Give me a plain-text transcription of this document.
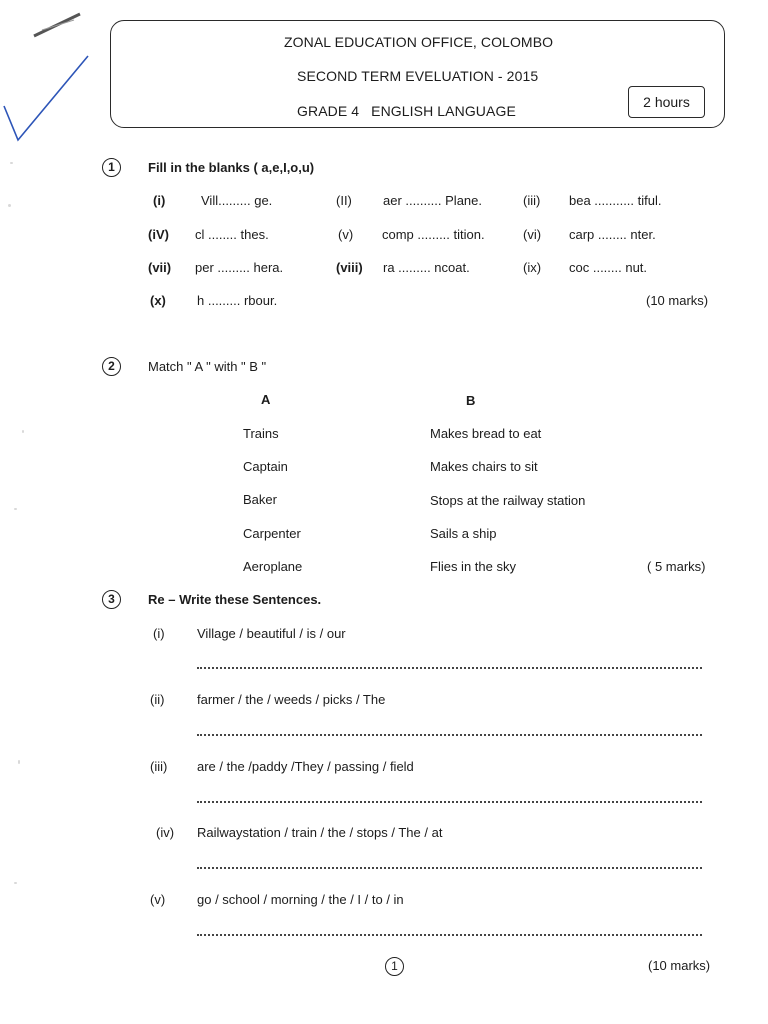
ZONAL EDUCATION OFFICE, COLOMBO
SECOND TERM EVELUATION - 2015
GRADE 4   ENGLISH LANGUAGE
2 hours
1	Fill in the blanks ( a,e,I,o,u)
(i)	Vill......... ge.	(II) aer .......... Plane.	(iii) bea ........... tiful.
(iV) cl ........ thes.	(v) comp ......... tition.	(vi) carp ........ nter.
(vii) per ......... hera.	(viii) ra ......... ncoat.	(ix) coc ........ nut.
(x) h ......... rbour.	(10 marks)
2	Match " A " with " B "
A	B
Trains	Makes bread to eat
Captain	Makes chairs to sit
Baker	Stops at the railway station
Carpenter	Sails a ship
Aeroplane	Flies in the sky	( 5 marks)
3	Re – Write these Sentences.
(i) Village / beautiful / is / our
(ii)	farmer / the / weeds / picks / The
(iii) are / the /paddy /They / passing / field
(iv) Railwaystation / train / the / stops / The / at
(v) go / school / morning / the / I / to / in
1	(10 marks)
